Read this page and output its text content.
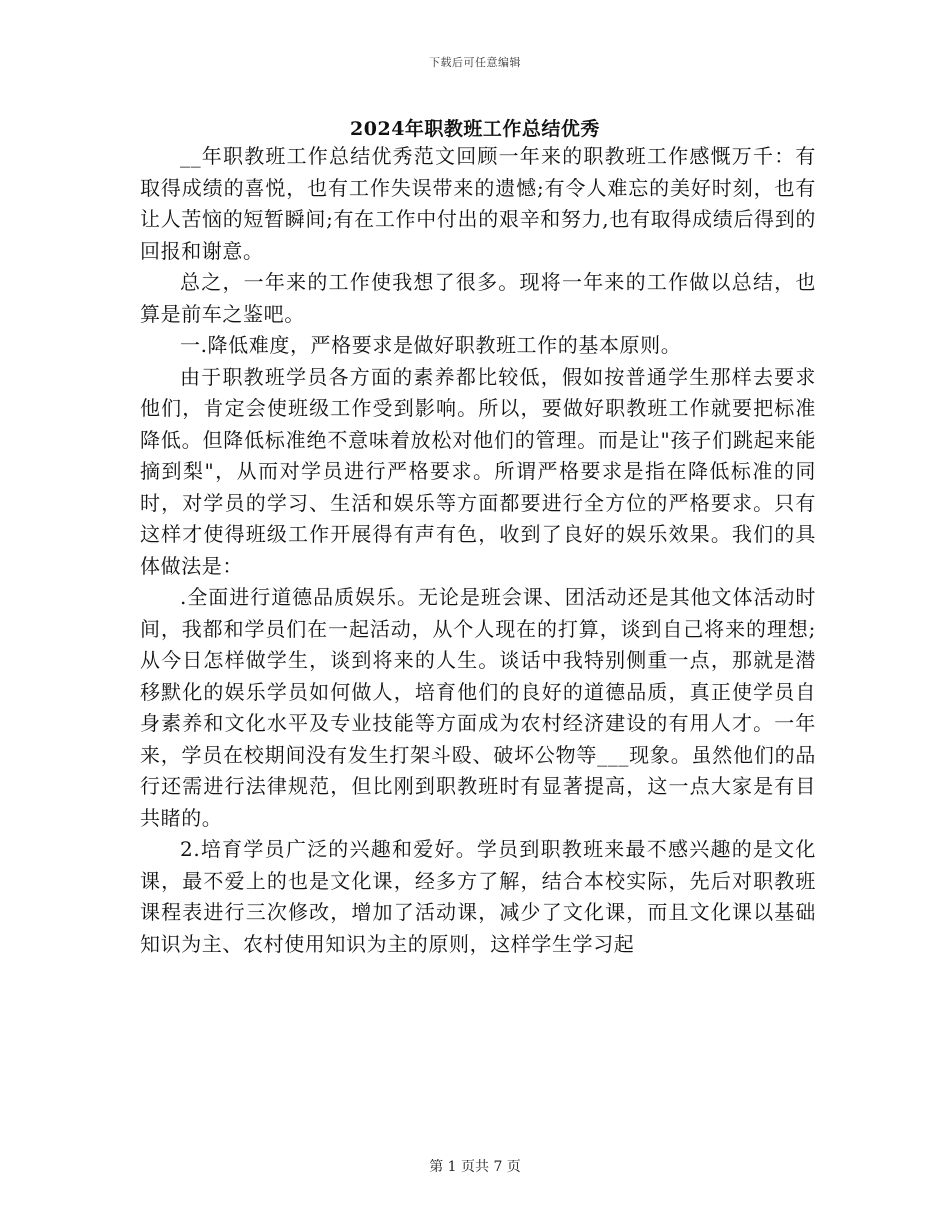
下载后可任意编辑
2024年职教班工作总结优秀

__年职教班工作总结优秀范文回顾一年来的职教班工作感慨万千：有取得成绩的喜悦，也有工作失误带来的遗憾;有令人难忘的美好时刻，也有让人苦恼的短暂瞬间;有在工作中付出的艰辛和努力,也有取得成绩后得到的回报和谢意。

总之，一年来的工作使我想了很多。现将一年来的工作做以总结，也算是前车之鉴吧。

一.降低难度，严格要求是做好职教班工作的基本原则。

由于职教班学员各方面的素养都比较低，假如按普通学生那样去要求他们，肯定会使班级工作受到影响。所以，要做好职教班工作就要把标准降低。但降低标准绝不意味着放松对他们的管理。而是让"孩子们跳起来能摘到梨"，从而对学员进行严格要求。所谓严格要求是指在降低标准的同时，对学员的学习、生活和娱乐等方面都要进行全方位的严格要求。只有这样才使得班级工作开展得有声有色，收到了良好的娱乐效果。我们的具体做法是：

.全面进行道德品质娱乐。无论是班会课、团活动还是其他文体活动时间，我都和学员们在一起活动，从个人现在的打算，谈到自己将来的理想;从今日怎样做学生，谈到将来的人生。谈话中我特别侧重一点，那就是潜移默化的娱乐学员如何做人，培育他们的良好的道德品质，真正使学员自身素养和文化水平及专业技能等方面成为农村经济建设的有用人才。一年来，学员在校期间没有发生打架斗殴、破坏公物等___现象。虽然他们的品行还需进行法律规范，但比刚到职教班时有显著提高，这一点大家是有目共睹的。

2.培育学员广泛的兴趣和爱好。学员到职教班来最不感兴趣的是文化课，最不爱上的也是文化课，经多方了解，结合本校实际，先后对职教班课程表进行三次修改，增加了活动课，减少了文化课，而且文化课以基础知识为主、农村使用知识为主的原则，这样学生学习起

第 1 页共 7 页
